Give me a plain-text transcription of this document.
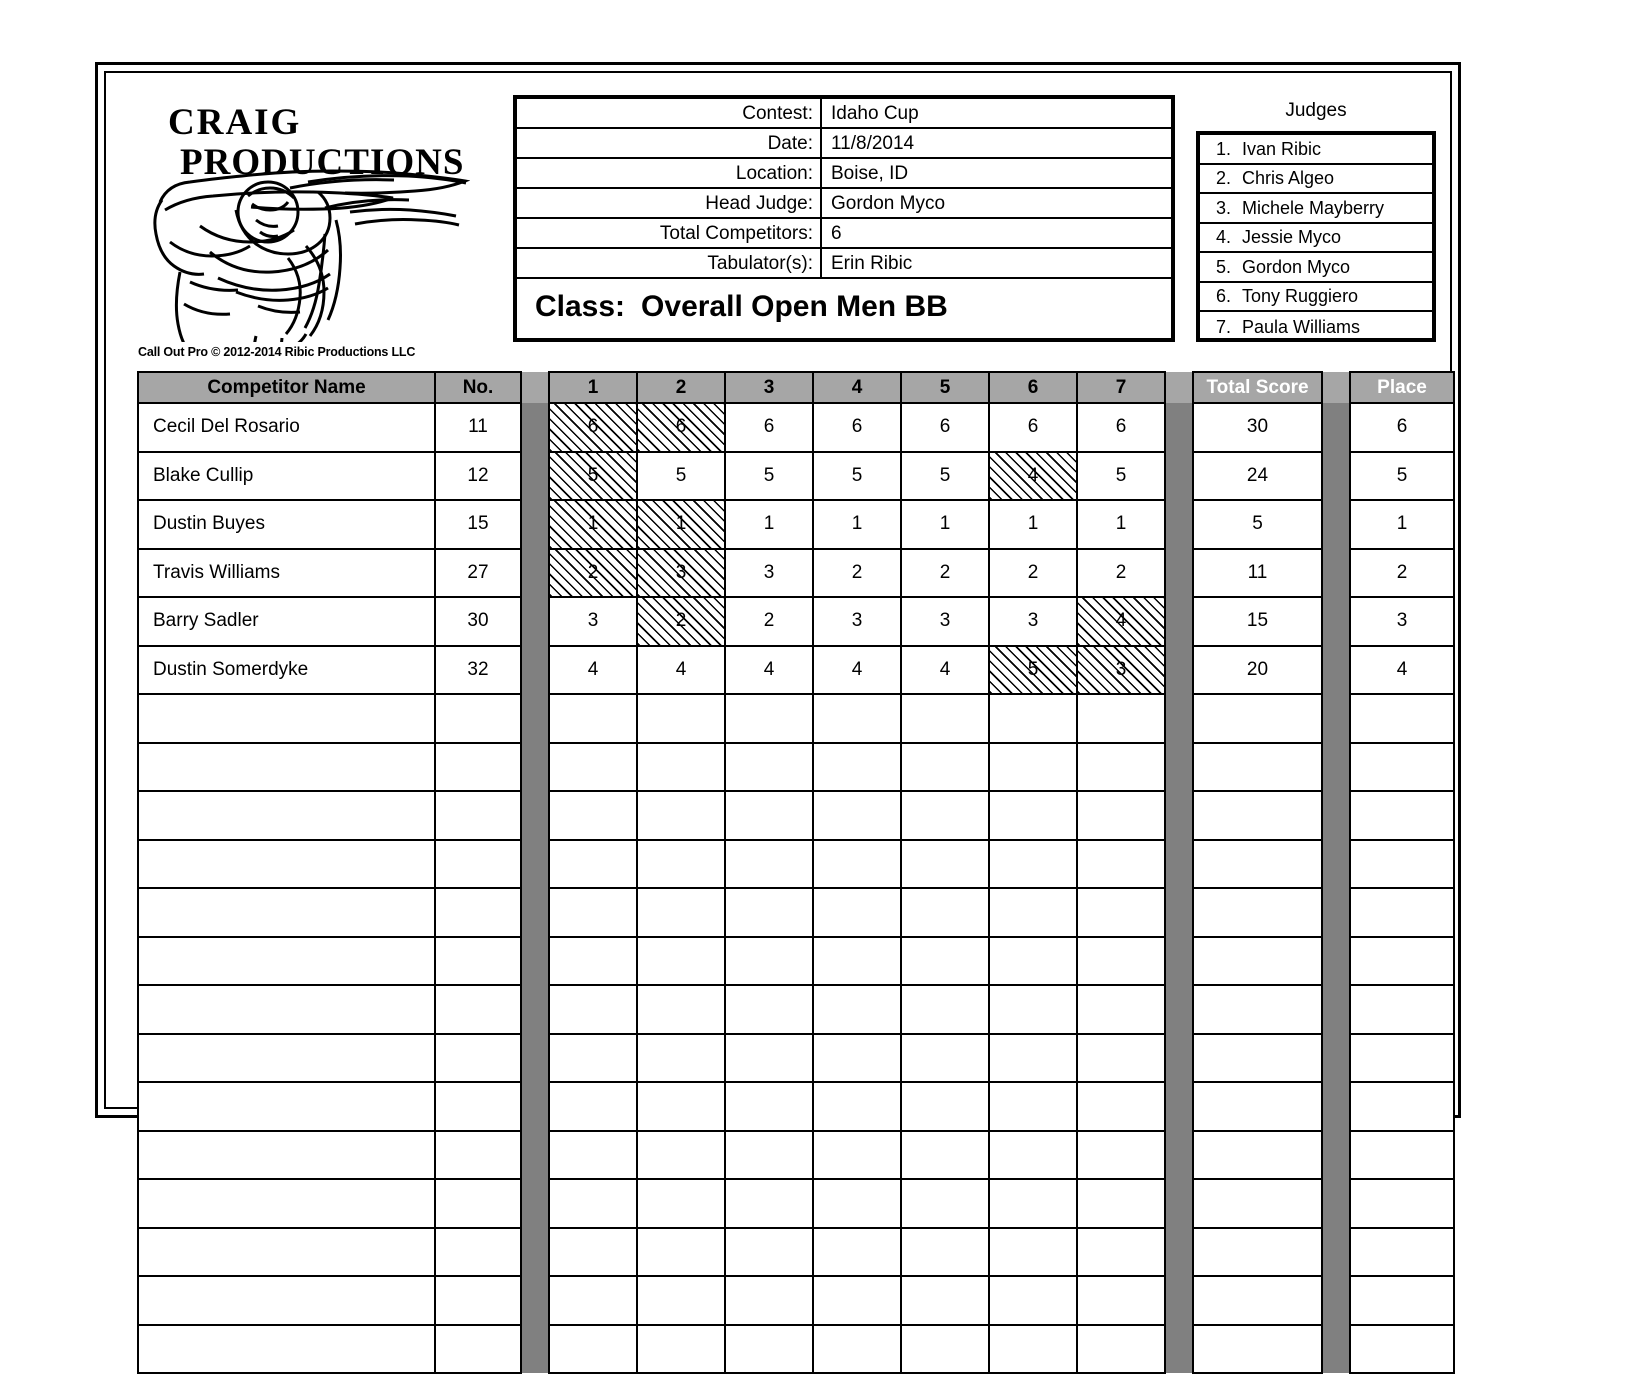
CRAIG
PRODUCTIONS
Call Out Pro © 2012-2014 Ribic Productions LLC
Contest: Idaho Cup
Date: 11/8/2014
Location: Boise, ID
Head Judge: Gordon Myco
Total Competitors: 6
Tabulator(s): Erin Ribic
Class: Overall Open Men BB
Judges
1. Ivan Ribic
2. Chris Algeo
3. Michele Mayberry
4. Jessie Myco
5. Gordon Myco
6. Tony Ruggiero
7. Paula Williams
Competitor Name	No.		1	2	3	4	5	6	7		Total Score		Place
Cecil Del Rosario	11		6	6	6	6	6	6	6		30		6
Blake Cullip	12		5	5	5	5	5	4	5		24		5
Dustin Buyes	15		1	1	1	1	1	1	1		5		1
Travis Williams	27		2	3	3	2	2	2	2		11		2
Barry Sadler	30		3	2	2	3	3	3	4		15		3
Dustin Somerdyke	32		4	4	4	4	4	5	3		20		4
